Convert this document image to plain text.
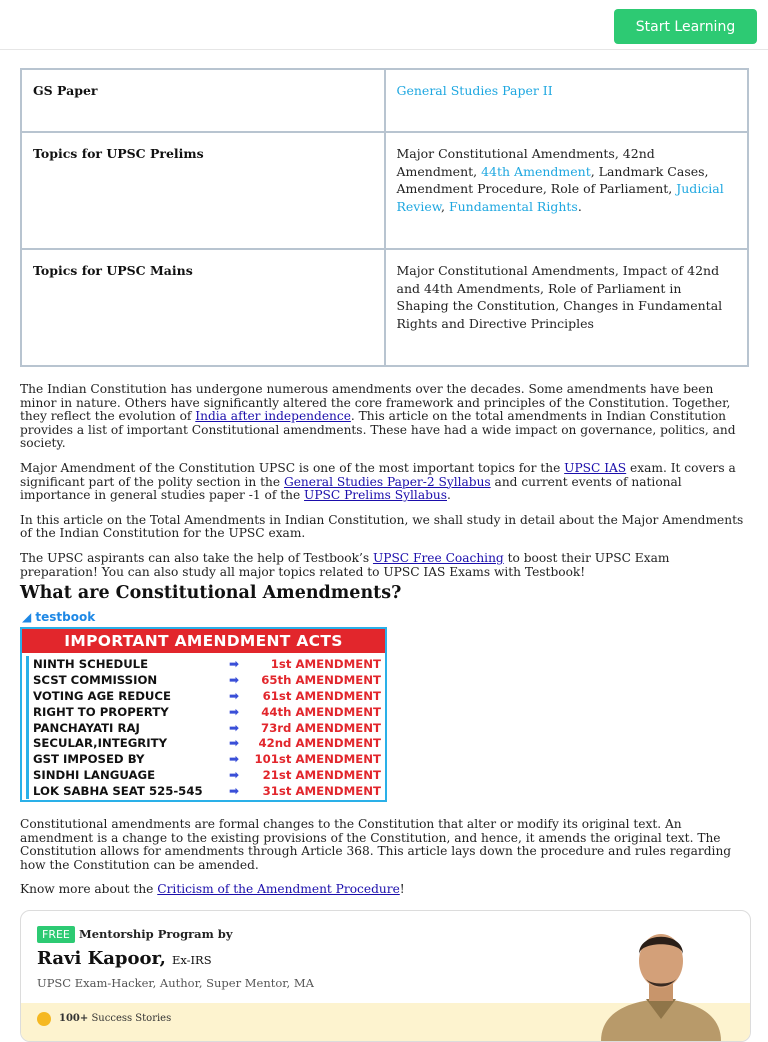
Start Learning
GS Paper	General Studies Paper II
Topics for UPSC Prelims	Major Constitutional Amendments, 42nd Amendment, 44th Amendment, Landmark Cases, Amendment Procedure, Role of Parliament, Judicial Review, Fundamental Rights.
Topics for UPSC Mains	Major Constitutional Amendments, Impact of 42nd and 44th Amendments, Role of Parliament in Shaping the Constitution, Changes in Fundamental Rights and Directive Principles

The Indian Constitution has undergone numerous amendments over the decades. Some amendments have been minor in nature. Others have significantly altered the core framework and principles of the Constitution. Together, they reflect the evolution of India after independence. This article on the total amendments in Indian Constitution provides a list of important Constitutional amendments. These have had a wide impact on governance, politics, and society.

Major Amendment of the Constitution UPSC is one of the most important topics for the UPSC IAS exam. It covers a significant part of the polity section in the General Studies Paper-2 Syllabus and current events of national importance in general studies paper -1 of the UPSC Prelims Syllabus.

In this article on the Total Amendments in Indian Constitution, we shall study in detail about the Major Amendments of the Indian Constitution for the UPSC exam.

The UPSC aspirants can also take the help of Testbook’s UPSC Free Coaching to boost their UPSC Exam preparation! You can also study all major topics related to UPSC IAS Exams with Testbook!

What are Constitutional Amendments?
◢ testbook
IMPORTANT AMENDMENT ACTS
NINTH SCHEDULE	➡	1st AMENDMENT
SCST COMMISSION	➡	65th AMENDMENT
VOTING AGE REDUCE	➡	61st AMENDMENT
RIGHT TO PROPERTY	➡	44th AMENDMENT
PANCHAYATI RAJ	➡	73rd AMENDMENT
SECULAR,INTEGRITY	➡	42nd AMENDMENT
GST IMPOSED BY	➡	101st AMENDMENT
SINDHI LANGUAGE	➡	21st AMENDMENT
LOK SABHA SEAT 525-545	➡	31st AMENDMENT

Constitutional amendments are formal changes to the Constitution that alter or modify its original text. An amendment is a change to the existing provisions of the Constitution, and hence, it amends the original text. The Constitution allows for amendments through Article 368. This article lays down the procedure and rules regarding how the Constitution can be amended.

Know more about the Criticism of the Amendment Procedure!

FREE Mentorship Program by
Ravi Kapoor, Ex-IRS
UPSC Exam-Hacker, Author, Super Mentor, MA
100+ Success Stories
